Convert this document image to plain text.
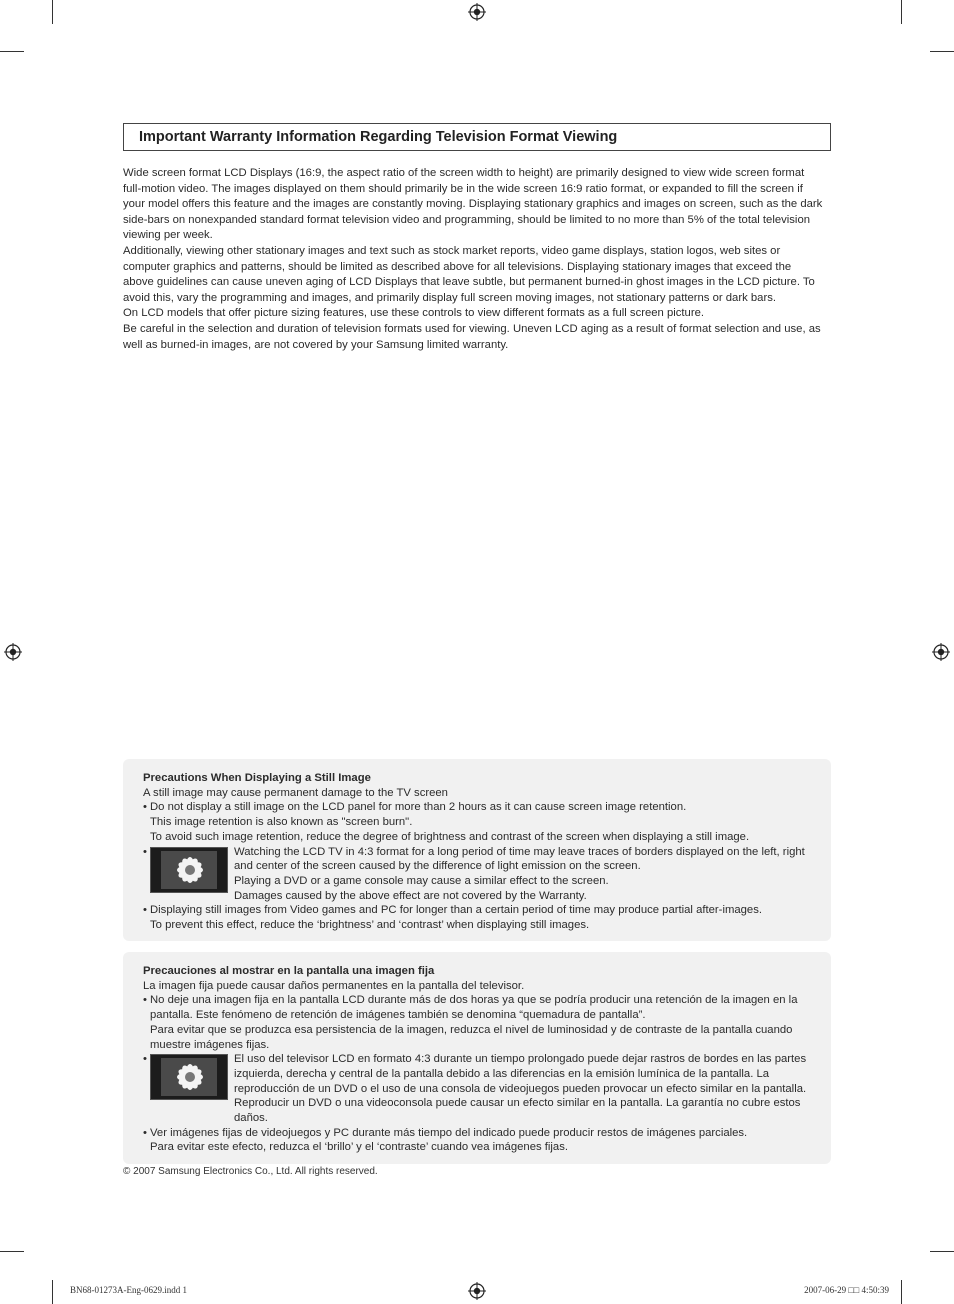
Important Warranty Information Regarding Television Format Viewing

Wide screen format LCD Displays (16:9, the aspect ratio of the screen width to height) are primarily designed to view wide screen format full-motion video. The images displayed on them should primarily be in the wide screen 16:9 ratio format, or expanded to fill the screen if your model offers this feature and the images are constantly moving. Displaying stationary graphics and images on screen, such as the dark side-bars on nonexpanded standard format television video and programming, should be limited to no more than 5% of the total television viewing per week.

Additionally, viewing other stationary images and text such as stock market reports, video game displays, station logos, web sites or computer graphics and patterns, should be limited as described above for all televisions. Displaying stationary images that exceed the above guidelines can cause uneven aging of LCD Displays that leave subtle, but permanent burned-in ghost images in the LCD picture. To avoid this, vary the programming and images, and primarily display full screen moving images, not stationary patterns or dark bars.

On LCD models that offer picture sizing features, use these controls to view different formats as a full screen picture.

Be careful in the selection and duration of television formats used for viewing. Uneven LCD aging as a result of format selection and use, as well as burned-in images, are not covered by your Samsung limited warranty.

Precautions When Displaying a Still Image

A still image may cause permanent damage to the TV screen

• Do not display a still image on the LCD panel for more than 2 hours as it can cause screen image retention.

This image retention is also known as "screen burn".

To avoid such image retention, reduce the degree of brightness and contrast of the screen when displaying a still image.

• Watching the LCD TV in 4:3 format for a long period of time may leave traces of borders displayed on the left, right and center of the screen caused by the difference of light emission on the screen.

Playing a DVD or a game console may cause a similar effect to the screen.

Damages caused by the above effect are not covered by the Warranty.

• Displaying still images from Video games and PC for longer than a certain period of time may produce partial after-images.

To prevent this effect, reduce the ‘brightness’ and ‘contrast’ when displaying still images.

Precauciones al mostrar en la pantalla una imagen fija

La imagen fija puede causar daños permanentes en la pantalla del televisor.

• No deje una imagen fija en la pantalla LCD durante más de dos horas ya que se podría producir una retención de la imagen en la pantalla. Este fenómeno de retención de imágenes también se denomina “quemadura de pantalla”.

Para evitar que se produzca esa persistencia de la imagen, reduzca el nivel de luminosidad y de contraste de la pantalla cuando muestre imágenes fijas.

• El uso del televisor LCD en formato 4:3 durante un tiempo prolongado puede dejar rastros de bordes en las partes izquierda, derecha y central de la pantalla debido a las diferencias en la emisión lumínica de la pantalla. La reproducción de un DVD o el uso de una consola de videojuegos pueden provocar un efecto similar en la pantalla. Reproducir un DVD o una videoconsola puede causar un efecto similar en la pantalla. La garantía no cubre estos daños.

• Ver imágenes fijas de videojuegos y PC durante más tiempo del indicado puede producir restos de imágenes parciales.

Para evitar este efecto, reduzca el ‘brillo’ y el ‘contraste’ cuando vea imágenes fijas.

© 2007 Samsung Electronics Co., Ltd. All rights reserved.
BN68-01273A-Eng-0629.indd 1	2007-06-29 □□ 4:50:39
